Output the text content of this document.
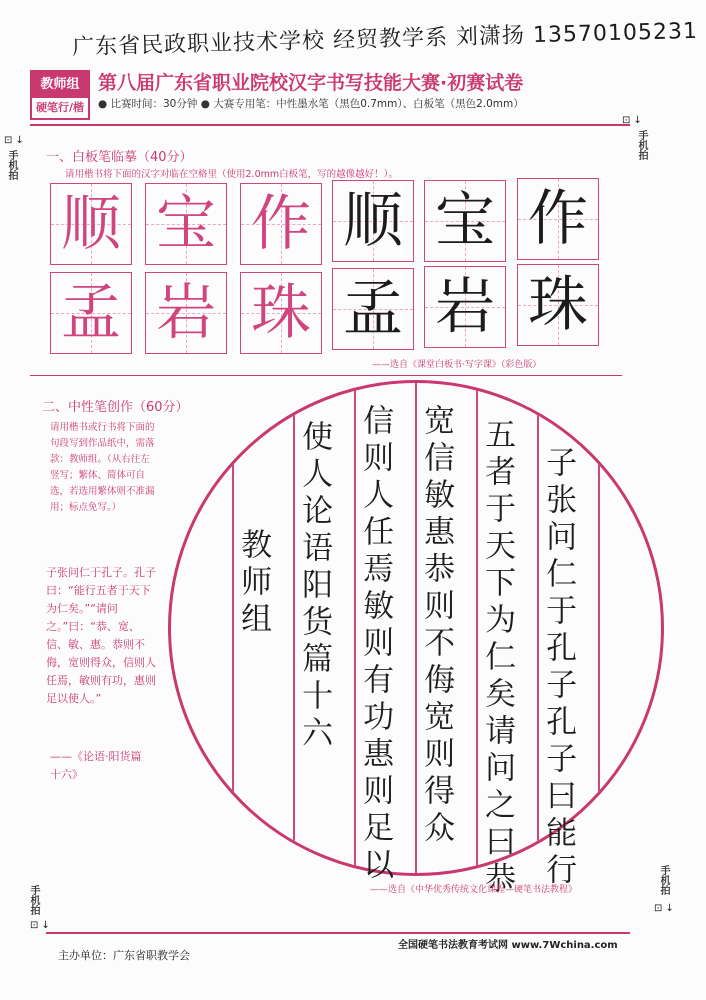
广东省民政职业技术学校 经贸教学系 刘潇扬 13570105231
教师组
硬笔行/楷
第八届广东省职业院校汉字书写技能大赛·初赛试卷
● 比赛时间：30分钟 ● 大赛专用笔：中性墨水笔（黑色0.7mm）、白板笔（黑色2.0mm）
手机拍
手机拍
手机拍
手机拍
⊡ ↓
⊡ ↓
⊡ ↓
⊡ ↓
一、白板笔临摹（40分）
请用楷书将下面的汉字对临在空格里（使用2.0mm白板笔，写的越像越好！）。
顺 宝 作
孟 岩 珠
顺 宝 作
孟 岩 珠
——选自《课堂白板书·写字课》（彩色版）
二、中性笔创作（60分）
请用楷书或行书将下面的句段写到作品纸中，需落款：教师组。（从右往左竖写；繁体、简体可自选，若选用繁体则不准漏用；标点免写。）
子张问仁于孔子。孔子曰：“能行五者于天下为仁矣。”“请问之。”曰：“恭、宽、信、敏、惠。恭则不侮，宽则得众，信则人任焉，敏则有功，惠则足以使人。”
——《论语·阳货篇十六》	子张问仁于孔子孔子曰能行
五者于天下为仁矣请问之曰恭
宽信敏惠恭则不侮宽则得众
信则人任焉敏则有功惠则足以
使人论语阳货篇十六
教师组
——选自《中华优秀传统文化课程—硬笔书法教程》
主办单位：广东省职教学会
全国硬笔书法教育考试网 www.7Wchina.com
